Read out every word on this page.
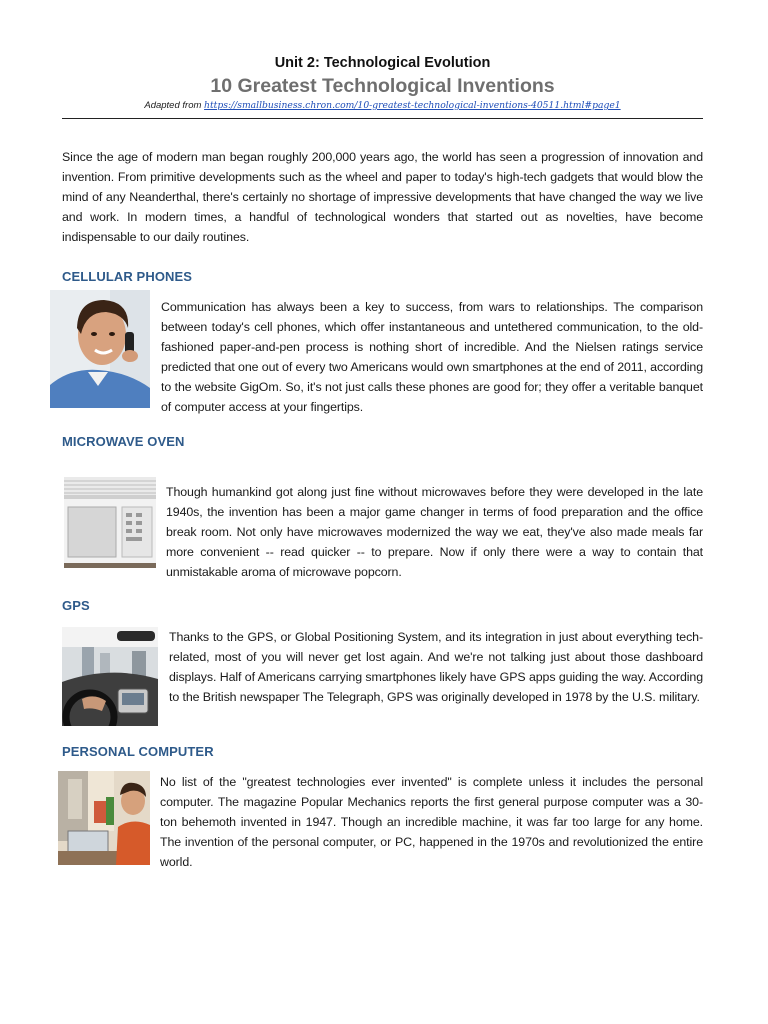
Unit 2: Technological Evolution
10 Greatest Technological Inventions
Adapted from https://smallbusiness.chron.com/10-greatest-technological-inventions-40511.html#page1

Since the age of modern man began roughly 200,000 years ago, the world has seen a progression of innovation and invention. From primitive developments such as the wheel and paper to today's high-tech gadgets that would blow the mind of any Neanderthal, there's certainly no shortage of impressive developments that have changed the way we live and work. In modern times, a handful of technological wonders that started out as novelties, have become indispensable to our daily routines.

CELLULAR PHONES

Communication has always been a key to success, from wars to relationships. The comparison between today's cell phones, which offer instantaneous and untethered communication, to the old-fashioned paper-and-pen process is nothing short of incredible. And the Nielsen ratings service predicted that one out of every two Americans would own smartphones at the end of 2011, according to the website GigOm. So, it's not just calls these phones are good for; they offer a veritable banquet of computer access at your fingertips.

MICROWAVE OVEN

Though humankind got along just fine without microwaves before they were developed in the late 1940s, the invention has been a major game changer in terms of food preparation and the office break room. Not only have microwaves modernized the way we eat, they've also made meals far more convenient -- read quicker -- to prepare. Now if only there were a way to contain that unmistakable aroma of microwave popcorn.

GPS

Thanks to the GPS, or Global Positioning System, and its integration in just about everything tech-related, most of you will never get lost again. And we're not talking just about those dashboard displays. Half of Americans carrying smartphones likely have GPS apps guiding the way. According to the British newspaper The Telegraph, GPS was originally developed in 1978 by the U.S. military.

PERSONAL COMPUTER

No list of the "greatest technologies ever invented" is complete unless it includes the personal computer. The magazine Popular Mechanics reports the first general purpose computer was a 30-ton behemoth invented in 1947. Though an incredible machine, it was far too large for any home. The invention of the personal computer, or PC, happened in the 1970s and revolutionized the entire world.
